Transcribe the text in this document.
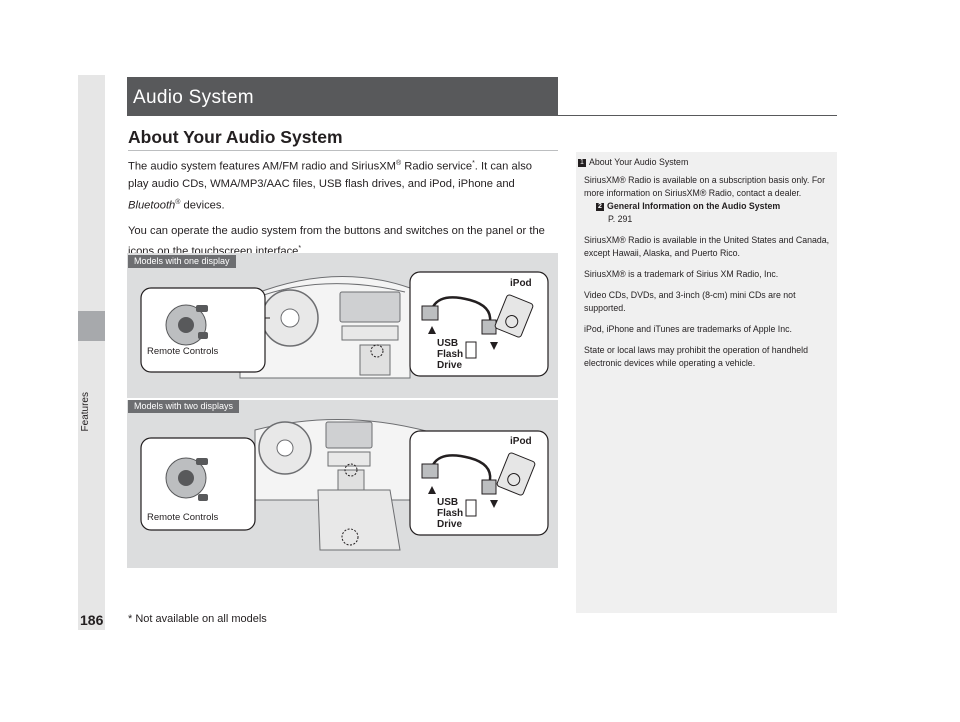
Features
186
Audio System
About Your Audio System

The audio system features AM/FM radio and SiriusXM® Radio service*. It can also play audio CDs, WMA/MP3/AAC files, USB flash drives, and iPod, iPhone and Bluetooth® devices.

You can operate the audio system from the buttons and switches on the panel or the *

1 About Your Audio System

SiriusXM® Radio is available on a subscription basis only. For more information on SiriusXM® Radio, contact a dealer.
2 General Information on the Audio System
P. 291

SiriusXM® Radio is available in the United States and Canada, except Hawaii, Alaska, and Puerto Rico.

SiriusXM® is a trademark of Sirius XM Radio, Inc.

Video CDs, DVDs, and 3-inch (8-cm) mini CDs are not supported.

iPod, iPhone and iTunes are trademarks of Apple Inc.

State or local laws may prohibit the operation of handheld electronic devices while operating a vehicle.

Remote Controls
iPod
USB
Flash
Drive
Remote Controls
iPod
USB
Flash
Drive
Models with one display
Models with two displays
* Not available on all models
